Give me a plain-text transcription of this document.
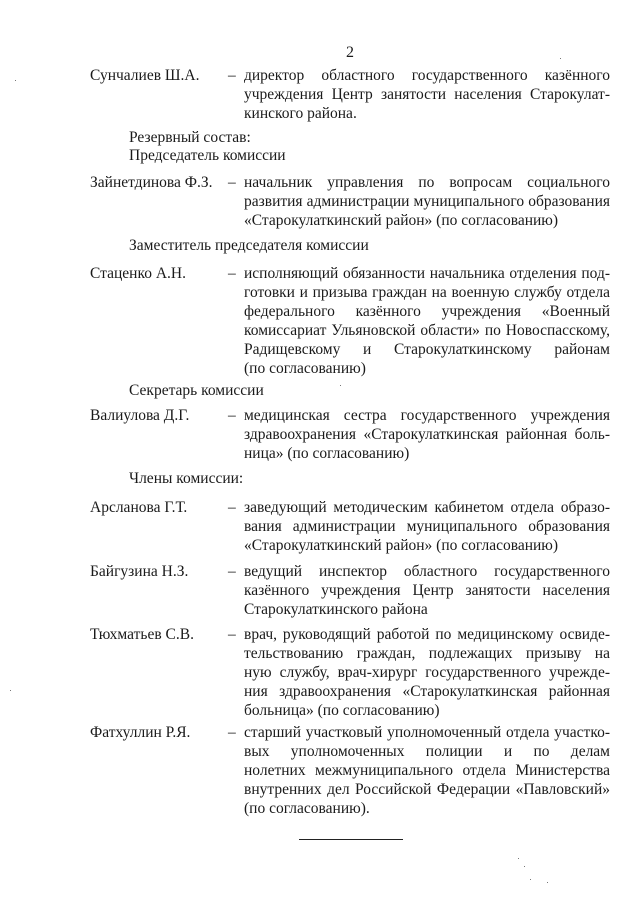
2
Сунчалиев Ш.А. – директор областного государственного казённого
учреждения Центр занятости населения Старокулат-
кинского района.
Резервный состав:
Председатель комиссии
Зайнетдинова Ф.З. – начальник управления по вопросам социального
развития администрации муниципального образования
«Старокулаткинский район» (по согласованию)
Заместитель председателя комиссии
Стаценко А.Н.	– исполняющий обязанности начальника отделения под-
готовки и призыва граждан на военную службу отдела
федерального казённого учреждения «Военный
комиссариат Ульяновской области» по Новоспасскому,
Радищевскому и Старокулаткинскому районам
(по согласованию)
Секретарь комиссии
Валиулова Д.Г. – медицинская сестра государственного учреждения
здравоохранения «Старокулаткинская районная боль-
ница» (по согласованию)
Члены комиссии:
Арсланова Г.Т.	– заведующий методическим кабинетом отдела образо-
вания администрации муниципального образования
«Старокулаткинский район» (по согласованию)
Байгузина Н.З.	– ведущий инспектор областного государственного
казённого учреждения Центр занятости населения
Старокулаткинского района
Тюхматьев С.В. – врач, руководящий работой по медицинскому освиде-
тельствованию граждан, подлежащих призыву на
ную службу, врач-хирург государственного учрежде-
ния здравоохранения «Старокулаткинская районная
больница» (по согласованию)
Фатхуллин Р.Я. – старший участковый уполномоченный отдела участко-
вых уполномоченных полиции и по делам
нолетних межмуниципального отдела Министерства
внутренних дел Российской Федерации «Павловский»
(по согласованию).
